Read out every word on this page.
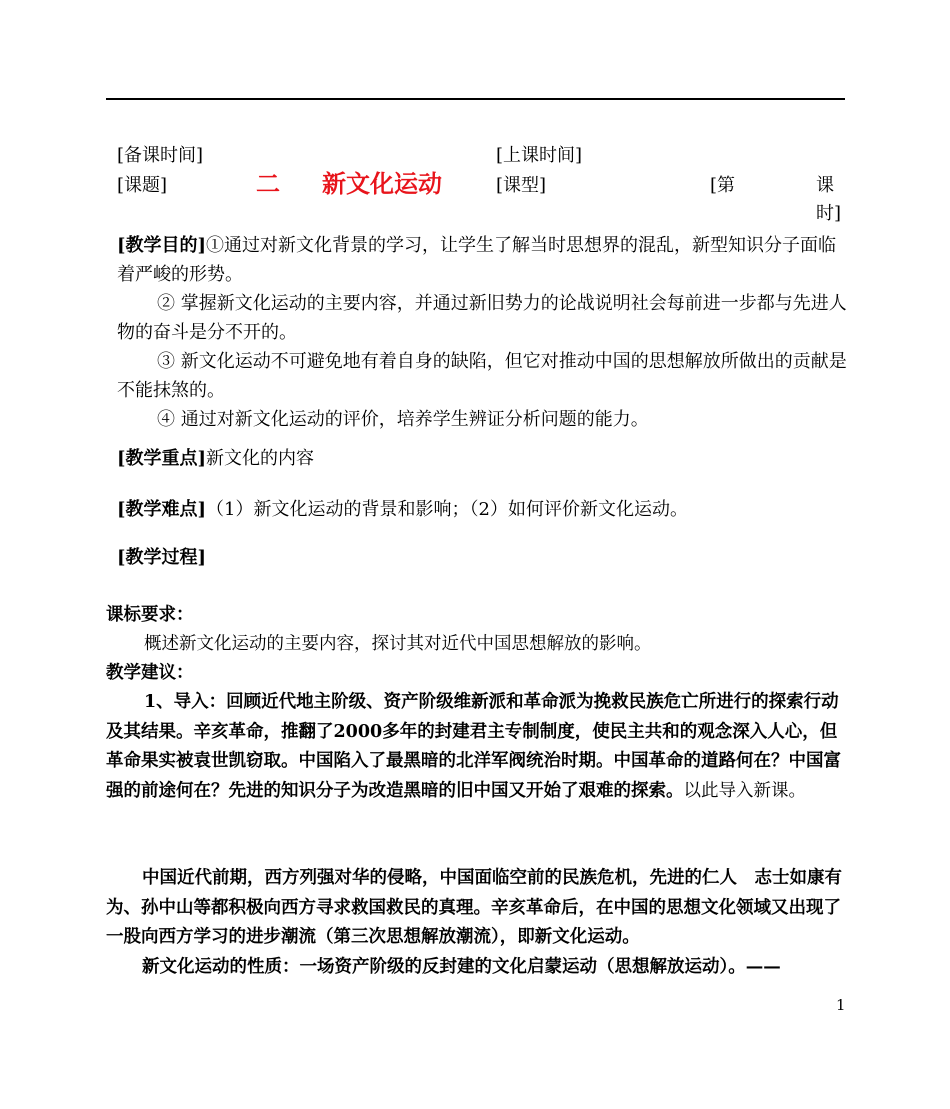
[备课时间]	[上课时间]
[课题]	二 新文化运动	[课型]	[第	课
时]

[教学目的]①通过对新文化背景的学习，让学生了解当时思想界的混乱，新型知识分子面临着严峻的形势。

② 掌握新文化运动的主要内容，并通过新旧势力的论战说明社会每前进一步都与先进人物的奋斗是分不开的。

③ 新文化运动不可避免地有着自身的缺陷，但它对推动中国的思想解放所做出的贡献是不能抹煞的。

④ 通过对新文化运动的评价，培养学生辨证分析问题的能力。

[教学重点]新文化的内容
[教学难点]（1）新文化运动的背景和影响；（2）如何评价新文化运动。
[教学过程]
课标要求：
概述新文化运动的主要内容，探讨其对近代中国思想解放的影响。
教学建议：

1、导入：回顾近代地主阶级、资产阶级维新派和革命派为挽救民族危亡所进行的探索行动及其结果。辛亥革命，推翻了2000多年的封建君主专制制度，使民主共和的观念深入人心，但革命果实被袁世凯窃取。中国陷入了最黑暗的北洋军阀统治时期。中国革命的道路何在？中国富强的前途何在？先进的知识分子为改造黑暗的旧中国又开始了艰难的探索。以此导入新课。

中国近代前期，西方列强对华的侵略，中国面临空前的民族危机，先进的仁人　志士如康有为、孙中山等都积极向西方寻求救国救民的真理。辛亥革命后，在中国的思想文化领域又出现了一股向西方学习的进步潮流（第三次思想解放潮流），即新文化运动。

新文化运动的性质：一场资产阶级的反封建的文化启蒙运动（思想解放运动）。——

1
